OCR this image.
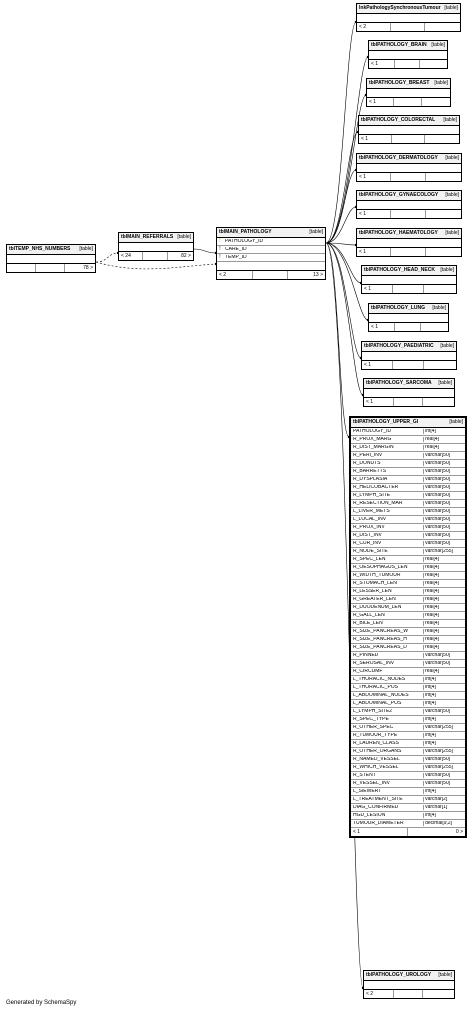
lnkPathologySynchronousTumour [table]
< 2
tblPATHOLOGY_BRAIN [table]
< 1
tblPATHOLOGY_BREAST [table]
< 1
tblPATHOLOGY_COLORECTAL [table]
< 1
tblPATHOLOGY_DERMATOLOGY [table]
< 1
tblPATHOLOGY_GYNAECOLOGY [table]
< 1
tblPATHOLOGY_HAEMATOLOGY [table]
< 1
tblPATHOLOGY_HEAD_NECK [table]
< 1
tblPATHOLOGY_LUNG [table]
< 1
tblPATHOLOGY_PAEDIATRIC [table]
< 1
tblPATHOLOGY_SARCOMA [table]
< 1
tblPATHOLOGY_UROLOGY [table]
< 2
tblTEMP_NHS_NUMBERS [table]
78 >
tblMAIN_REFERRALS [table]
< 24	82 >
tblMAIN_PATHOLOGY	[table]
! PATHOLOGY_ID
! CARE_ID
! TEMP_ID
< 2	13 >
tblPATHOLOGY_UPPER_GI	[table]
PATHOLOGY_ID	int[4]
R_PROX_MARG	real[4]
R_DIST_MARGIN	real[4]
R_PERI_INV	varchar[50]
R_DONUTS	varchar[50]
R_BARRETTS	varchar[50]
R_DYSPLASIA	varchar[50]
R_HELICOBACTER	varchar[50]
R_LYMPH_SITE	varchar[50]
R_RESECTION_MAR	varchar[50]
L_LIVER_METS	varchar[50]
L_LOCAL_INV	varchar[50]
R_PROX_INV	varchar[50]
R_DIST_INV	varchar[50]
R_CUR_INV	varchar[50]
R_NODE_SITE	varchar[255]
R_SPEC_LEN	real[4]
R_OESOPHAGUS_LEN	real[4]
R_WIDTH_TUMOUR	real[4]
R_STOMACH_LEN	real[4]
R_LESSER_LEN	real[4]
R_GREATER_LEN	real[4]
R_DUODENUM_LEN	real[4]
R_GALL_LEN	real[4]
R_BILE_LEN	real[4]
R_SIZE_PANCREAS_W	real[4]
R_SIZE_PANCREAS_H	real[4]
R_SIZE_PANCREAS_D	real[4]
R_PINNED	varchar[50]
R_SEROSAL_INV	varchar[50]
R_CIRCUMF	real[4]
L_THORACIC_NODES	int[4]
L_THORACIC_POS	int[4]
L_ABDOMINAL_NODES	int[4]
L_ABDOMINAL_POS	int[4]
L_LYMPH_SITE2	varchar[50]
R_SPEC_TYPE	int[4]
R_OTHER_SPEC	varchar[255]
R_TUMOUR_TYPE	int[4]
R_LAUREN_CLASS	int[4]
R_OTHER_ORGANS	varchar[255]
R_NAMED_VESSEL	varchar[50]
R_WHICH_VESSEL	varchar[255]
R_STENT	varchar[50]
R_VESSEL_INV	varchar[50]
L_SIEWERT	int[4]
L_TREATMENT_SITE	varchar[2]
DIAG_CONFIRMED	varchar[1]
HGD_LESION	int[4]
TUMOUR_DIAMETER	decimal[9,2]
< 1	0 >
Generated by SchemaSpy
